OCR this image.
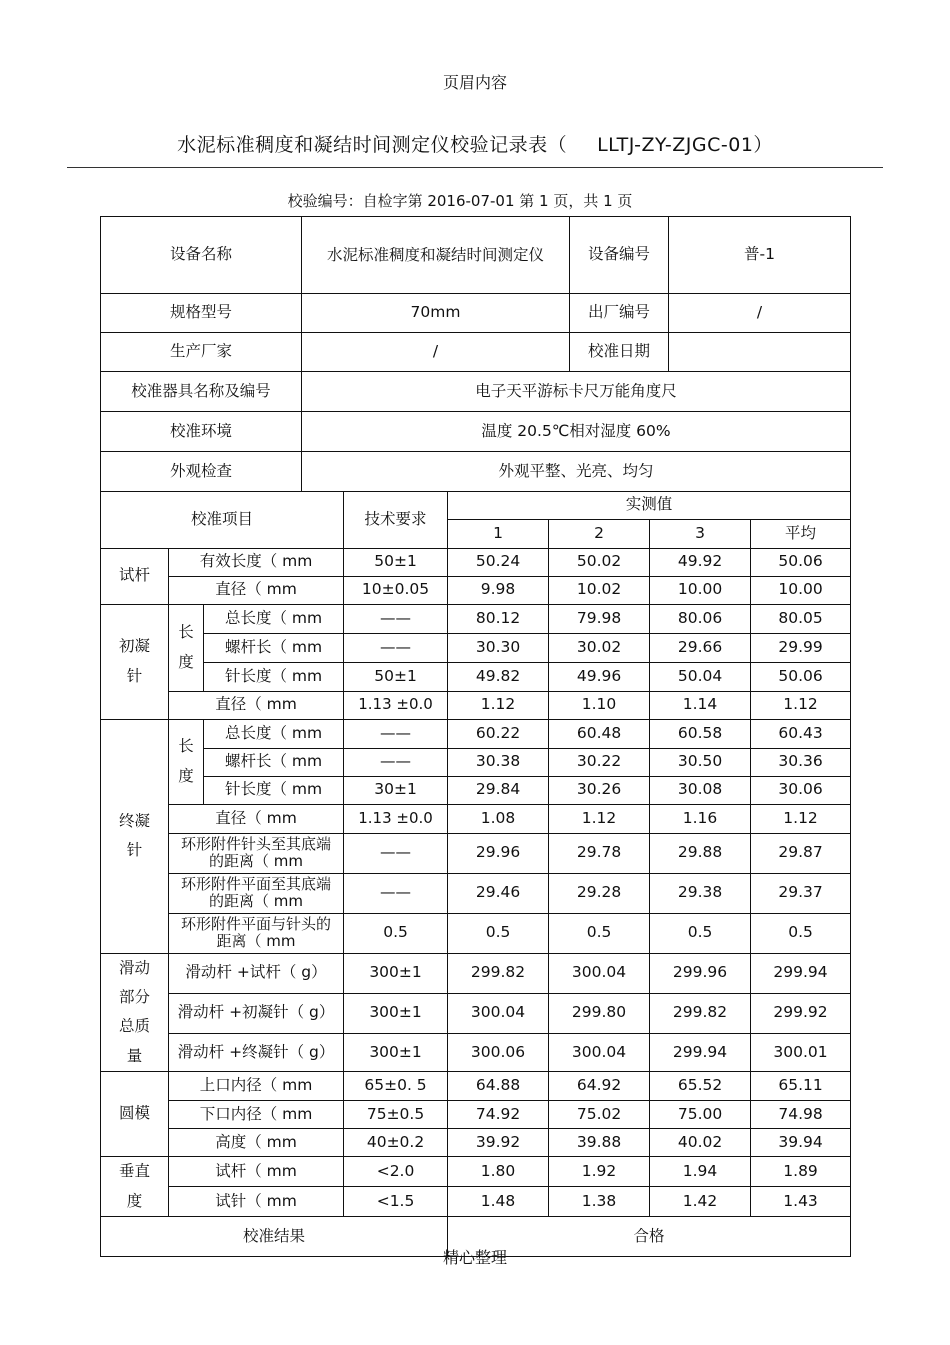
页眉内容
水泥标准稠度和凝结时间测定仪校验记录表（ LLTJ-ZY-ZJGC-01）
校验编号：自检字第 2016-07-01 第 1 页，共 1 页
设备名称	水泥标准稠度和凝结时间测定仪	设备编号	普-1
规格型号	70mm	出厂编号	/
生产厂家	/	校准日期	
校准器具名称及编号	电子天平游标卡尺万能角度尺		
校准环境	温度 20.5℃相对湿度 60%		
外观检查	外观平整、光亮、均匀		
校准项目			技术要求	实测值			
				1	2	3	平均
试杆	有效长度（ mm		50±1	50.24	50.02	49.92	50.06
	直径（ mm		10±0.05	9.98	10.02	10.00	10.00
初凝针	长度	总长度（ mm	——	80.12	79.98	80.06	80.05
		螺杆长（ mm	——	30.30	30.02	29.66	29.99
		针长度（ mm	50±1	49.82	49.96	50.04	50.06
	直径（ mm		1.13 ±0.0	1.12	1.10	1.14	1.12
终凝针	长度	总长度（ mm	——	60.22	60.48	60.58	60.43
		螺杆长（ mm	——	30.38	30.22	30.50	30.36
		针长度（ mm	30±1	29.84	30.26	30.08	30.06
	直径（ mm		1.13 ±0.0	1.08	1.12	1.16	1.12
	环形附件针头至其底端的距离（ mm		——	29.96	29.78	29.88	29.87
	环形附件平面至其底端的距离（ mm		——	29.46	29.28	29.38	29.37
	环形附件平面与针头的距离（ mm		0.5	0.5	0.5	0.5	0.5
滑动部分总质量	滑动杆 +试杆（ g）		300±1	299.82	300.04	299.96	299.94
	滑动杆 +初凝针（ g）		300±1	300.04	299.80	299.82	299.92
	滑动杆 +终凝针（ g）		300±1	300.06	300.04	299.94	300.01
圆模	上口内径（ mm		65±0. 5	64.88	64.92	65.52	65.11
	下口内径（ mm		75±0.5	74.92	75.02	75.00	74.98
	高度（ mm		40±0.2	39.92	39.88	40.02	39.94
垂直度	试杆（ mm		<2.0	1.80	1.92	1.94	1.89
	试针（ mm		<1.5	1.48	1.38	1.42	1.43
校准结果				合格			
精心整理
